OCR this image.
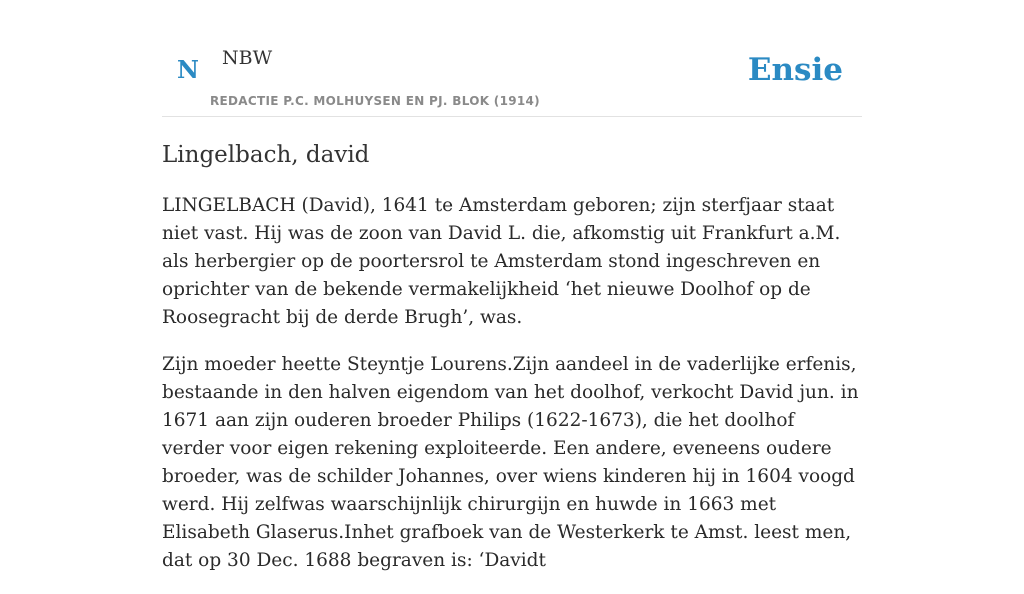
N NBW
REDACTIE P.C. MOLHUYSEN EN PJ. BLOK (1914)
Ensie
Lingelbach, david

LINGELBACH (David), 1641 te Amsterdam geboren; zijn sterfjaar staat niet vast. Hij was de zoon van David L. die, afkomstig uit Frankfurt a.M. als herbergier op de poortersrol te Amsterdam stond ingeschreven en oprichter van de bekende vermakelijkheid ‘het nieuwe Doolhof op de Roosegracht bij de derde Brugh’, was.

Zijn moeder heette Steyntje Lourens.Zijn aandeel in de vaderlijke erfenis, bestaande in den halven eigendom van het doolhof, verkocht David jun. in 1671 aan zijn ouderen broeder Philips (1622-1673), die het doolhof verder voor eigen rekening exploiteerde. Een andere, eveneens oudere broeder, was de schilder Johannes, over wiens kinderen hij in 1604 voogd werd. Hij zelfwas waarschijnlijk chirurgijn en huwde in 1663 met Elisabeth Glaserus.Inhet grafboek van de Westerkerk te Amst. leest men, dat op 30 Dec. 1688 begraven is: ‘Davidt
